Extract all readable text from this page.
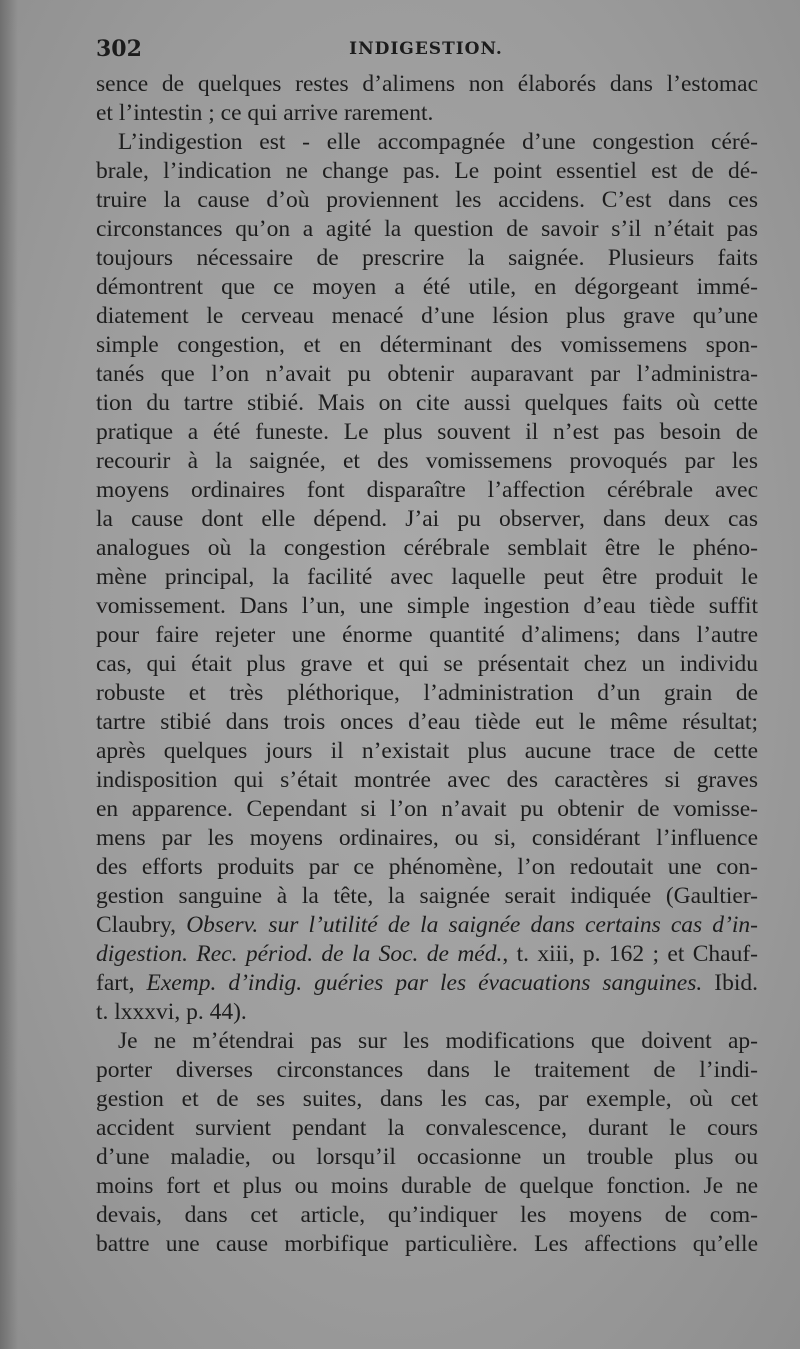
302	INDIGESTION.
sence de quelques restes d’alimens non élaborés dans l’estomac
et l’intestin ; ce qui arrive rarement.
L’indigestion est - elle accompagnée d’une congestion céré-
brale, l’indication ne change pas. Le point essentiel est de dé-
truire la cause d’où proviennent les accidens. C’est dans ces
circonstances qu’on a agité la question de savoir s’il n’était pas
toujours nécessaire de prescrire la saignée. Plusieurs faits
démontrent que ce moyen a été utile, en dégorgeant immé-
diatement le cerveau menacé d’une lésion plus grave qu’une
simple congestion, et en déterminant des vomissemens spon-
tanés que l’on n’avait pu obtenir auparavant par l’administra-
tion du tartre stibié. Mais on cite aussi quelques faits où cette
pratique a été funeste. Le plus souvent il n’est pas besoin de
recourir à la saignée, et des vomissemens provoqués par les
moyens ordinaires font disparaître l’affection cérébrale avec
la cause dont elle dépend. J’ai pu observer, dans deux cas
analogues où la congestion cérébrale semblait être le phéno-
mène principal, la facilité avec laquelle peut être produit le
vomissement. Dans l’un, une simple ingestion d’eau tiède suffit
pour faire rejeter une énorme quantité d’alimens; dans l’autre
cas, qui était plus grave et qui se présentait chez un individu
robuste et très pléthorique, l’administration d’un grain de
tartre stibié dans trois onces d’eau tiède eut le même résultat;
après quelques jours il n’existait plus aucune trace de cette
indisposition qui s’était montrée avec des caractères si graves
en apparence. Cependant si l’on n’avait pu obtenir de vomisse-
mens par les moyens ordinaires, ou si, considérant l’influence
des efforts produits par ce phénomène, l’on redoutait une con-
gestion sanguine à la tête, la saignée serait indiquée (Gaultier-
Claubry, Observ. sur l’utilité de la saignée dans certains cas d’in-
digestion. Rec. périod. de la Soc. de méd., t. xiii, p. 162 ; et Chauf-
fart, Exemp. d’indig. guéries par les évacuations sanguines. Ibid.
t. lxxxvi, p. 44).
Je ne m’étendrai pas sur les modifications que doivent ap-
porter diverses circonstances dans le traitement de l’indi-
gestion et de ses suites, dans les cas, par exemple, où cet
accident survient pendant la convalescence, durant le cours
d’une maladie, ou lorsqu’il occasionne un trouble plus ou
moins fort et plus ou moins durable de quelque fonction. Je ne
devais, dans cet article, qu’indiquer les moyens de com-
battre une cause morbifique particulière. Les affections qu’elle
